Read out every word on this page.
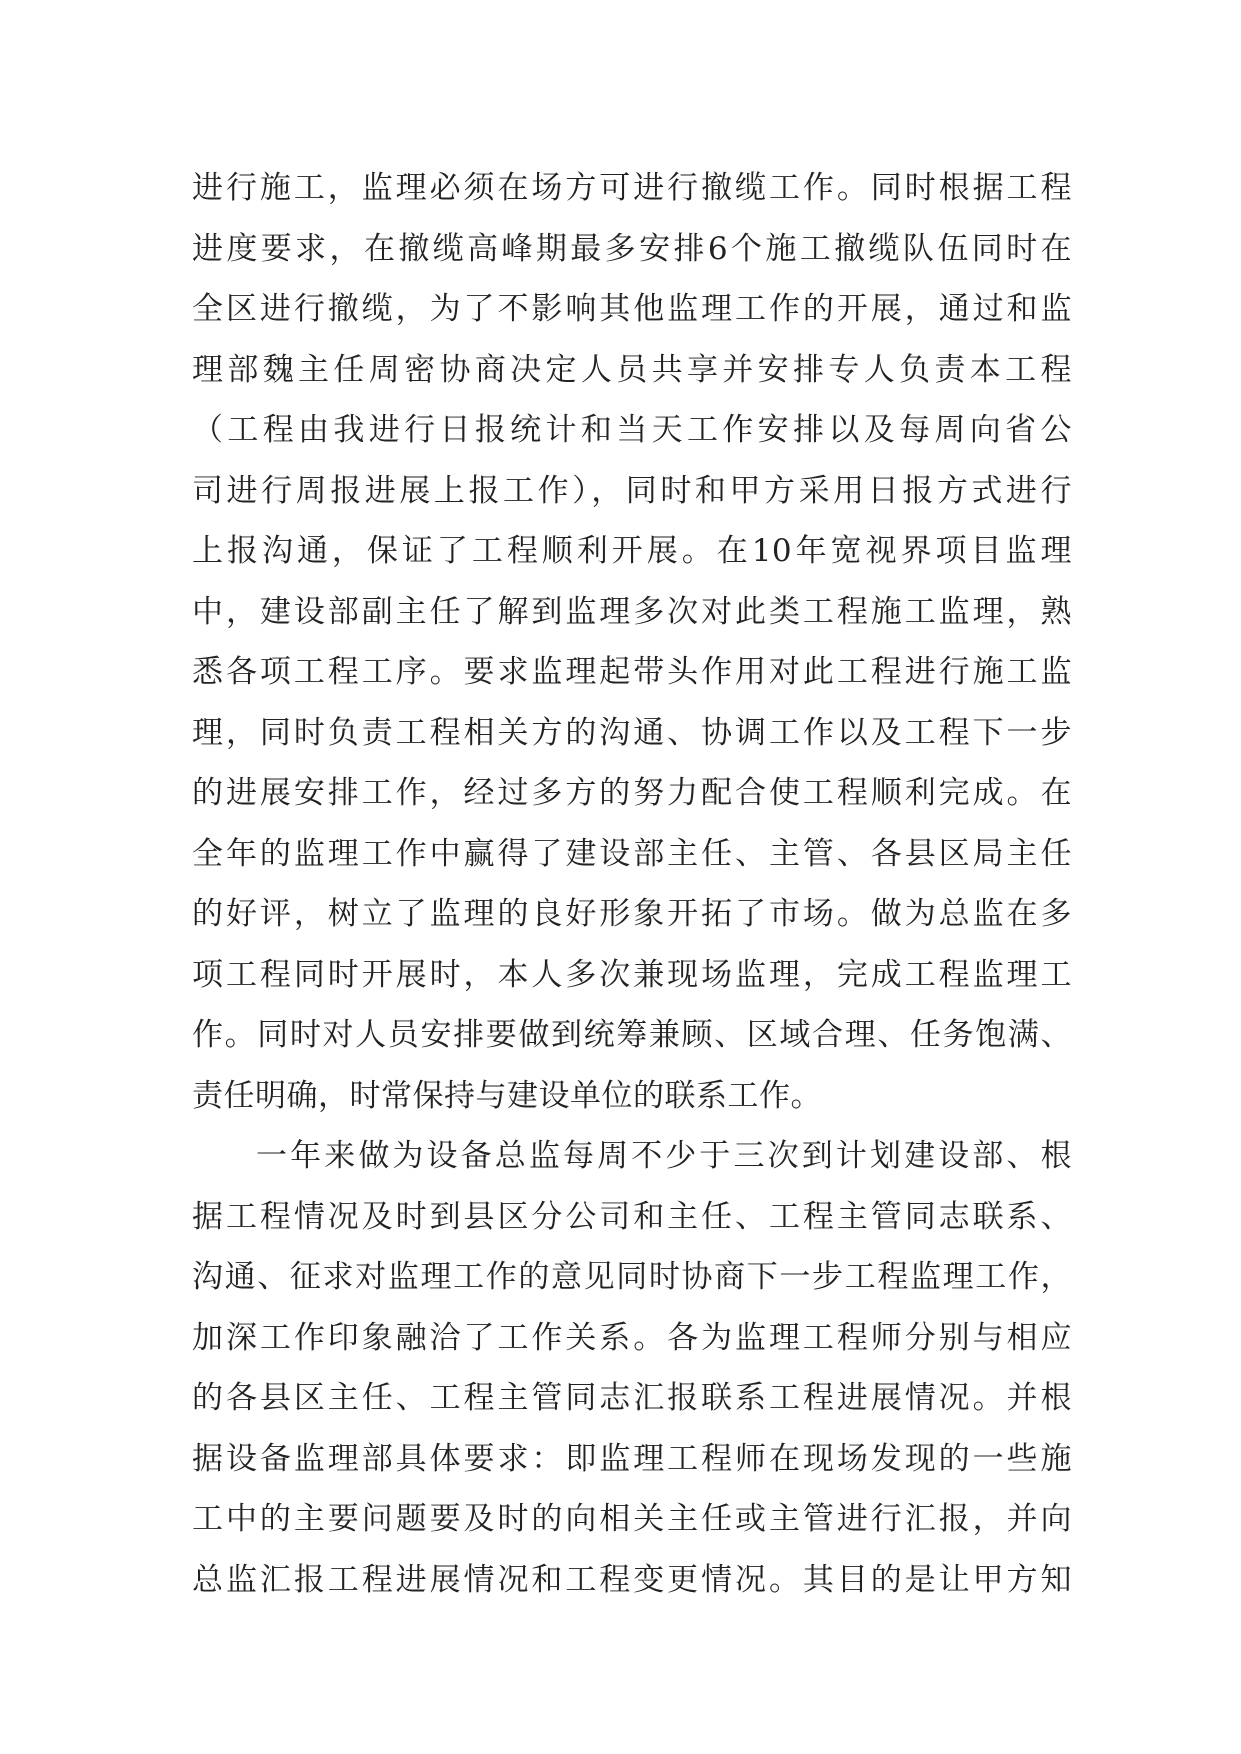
进行施工，监理必须在场方可进行撤缆工作。同时根据工程
进度要求，在撤缆高峰期最多安排6个施工撤缆队伍同时在
全区进行撤缆，为了不影响其他监理工作的开展，通过和监
理部魏主任周密协商决定人员共享并安排专人负责本工程
（工程由我进行日报统计和当天工作安排以及每周向省公
司进行周报进展上报工作），同时和甲方采用日报方式进行
上报沟通，保证了工程顺利开展。在10年宽视界项目监理
中，建设部副主任了解到监理多次对此类工程施工监理，熟
悉各项工程工序。要求监理起带头作用对此工程进行施工监
理，同时负责工程相关方的沟通、协调工作以及工程下一步
的进展安排工作，经过多方的努力配合使工程顺利完成。在
全年的监理工作中赢得了建设部主任、主管、各县区局主任
的好评，树立了监理的良好形象开拓了市场。做为总监在多
项工程同时开展时，本人多次兼现场监理，完成工程监理工
作。同时对人员安排要做到统筹兼顾、区域合理、任务饱满、
责任明确，时常保持与建设单位的联系工作。
一年来做为设备总监每周不少于三次到计划建设部、根
据工程情况及时到县区分公司和主任、工程主管同志联系、
沟通、征求对监理工作的意见同时协商下一步工程监理工作，
加深工作印象融洽了工作关系。各为监理工程师分别与相应
的各县区主任、工程主管同志汇报联系工程进展情况。并根
据设备监理部具体要求：即监理工程师在现场发现的一些施
工中的主要问题要及时的向相关主任或主管进行汇报，并向
总监汇报工程进展情况和工程变更情况。其目的是让甲方知
